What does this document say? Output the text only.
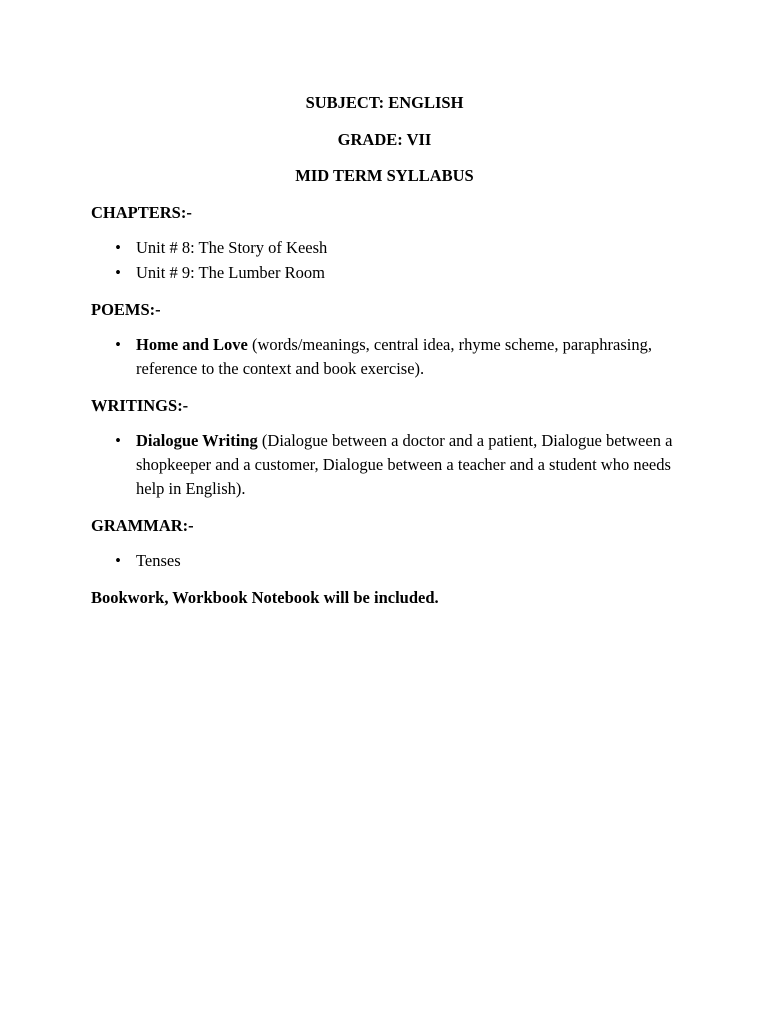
SUBJECT: ENGLISH

GRADE: VII

MID TERM SYLLABUS

CHAPTERS:-

• Unit # 8: The Story of Keesh
• Unit # 9: The Lumber Room

POEMS:-

• Home and Love (words/meanings, central idea, rhyme scheme, paraphrasing, reference to the context and book exercise).

WRITINGS:-

• Dialogue Writing (Dialogue between a doctor and a patient, Dialogue between a shopkeeper and a customer, Dialogue between a teacher and a student who needs help in English).

GRAMMAR:-

• Tenses

Bookwork, Workbook Notebook will be included.
